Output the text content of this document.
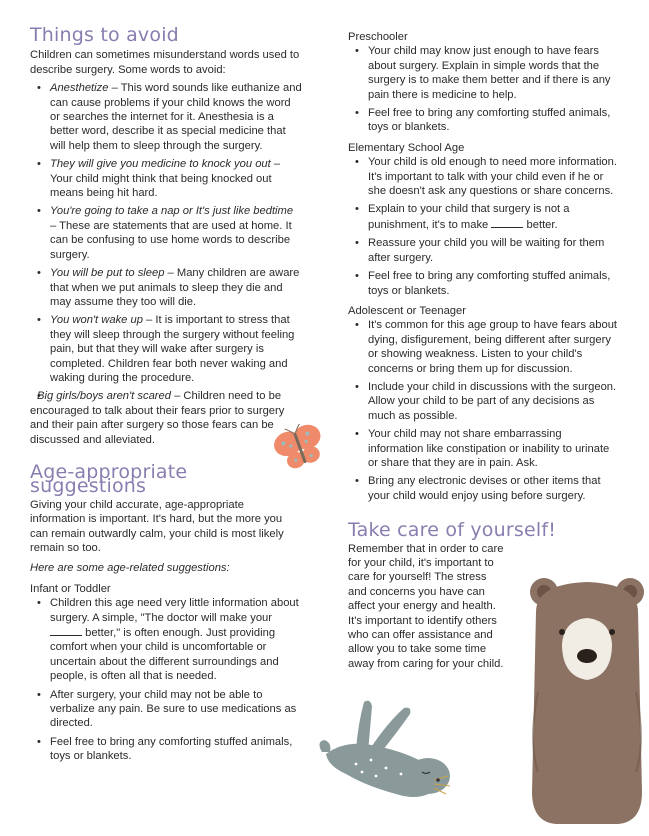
Things to avoid

Children can sometimes misunderstand words used to describe surgery. Some words to avoid:

• Anesthetize – This word sounds like euthanize and can cause problems if your child knows the word or searches the internet for it. Anesthesia is a better word, describe it as special medicine that will help them to sleep through the surgery.
• They will give you medicine to knock you out – Your child might think that being knocked out means being hit hard.
• You're going to take a nap or It's just like bedtime – These are statements that are used at home. It can be confusing to use home words to describe surgery.
• You will be put to sleep – Many children are aware that when we put animals to sleep they die and may assume they too will die.
• You won't wake up – It is important to stress that they will sleep through the surgery without feeling pain, but that they will wake after surgery is completed. Children fear both never waking and waking during the procedure.
• Big girls/boys aren't scared – Children need to be encouraged to talk about their fears prior to surgery and their pain after surgery so those fears can be discussed and alleviated.
Age-appropriate suggestions

Giving your child accurate, age-appropriate information is important. It's hard, but the more you can remain outwardly calm, your child is most likely remain so too.

Here are some age-related suggestions:

Infant or Toddler

• Children this age need very little information about surgery. A simple, "The doctor will make your  better," is often enough. Just providing comfort when your child is uncomfortable or uncertain about the different surroundings and people, is often all that is needed.
• After surgery, your child may not be able to verbalize any pain. Be sure to use medications as directed.
• Feel free to bring any comforting stuffed animals, toys or blankets.

Preschooler

• Your child may know just enough to have fears about surgery. Explain in simple words that the surgery is to make them better and if there is any pain there is medicine to help.
• Feel free to bring any comforting stuffed animals, toys or blankets.

Elementary School Age

• Your child is old enough to need more information. It's important to talk with your child even if he or she doesn't ask any questions or share concerns.
• Explain to your child that surgery is not a punishment, it's to make	better.
• Reassure your child you will be waiting for them after surgery.
• Feel free to bring any comforting stuffed animals, toys or blankets.

Adolescent or Teenager

• It's common for this age group to have fears about dying, disfigurement, being different after surgery or showing weakness. Listen to your child's concerns or bring them up for discussion.
• Include your child in discussions with the surgeon. Allow your child to be part of any decisions as much as possible.
• Your child may not share embarrassing information like constipation or inability to urinate or share that they are in pain. Ask.
• Bring any electronic devises or other items that your child would enjoy using before surgery.
Take care of yourself!

Remember that in order to care for your child, it's important to care for yourself! The stress and concerns you have can affect your energy and health. It's important to identify others who can offer assistance and allow you to take some time away from caring for your child.
